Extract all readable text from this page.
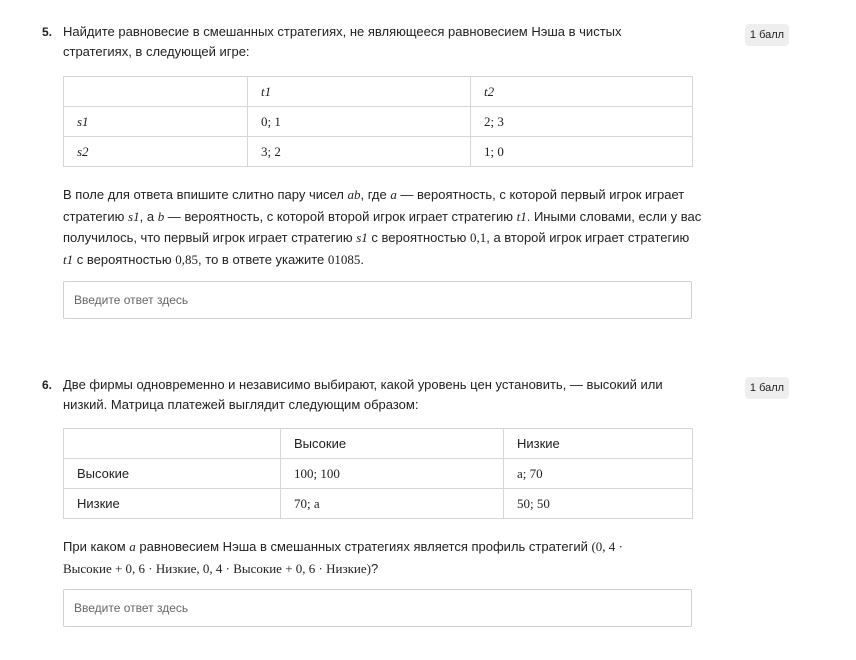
5. Найдите равновесие в смешанных стратегиях, не являющееся равновесием Нэша в чистых стратегиях, в следующей игре:
1 балл
	t1	t2
s1	0; 1	2; 3
s2	3; 2	1; 0
В поле для ответа впишите слитно пару чисел ab, где a — вероятность, с которой первый игрок играет стратегию s1, а b — вероятность, с которой второй игрок играет стратегию t1. Иными словами, если у вас получилось, что первый игрок играет стратегию s1 с вероятностью 0,1, а второй игрок играет стратегию t1 с вероятностью 0,85, то в ответе укажите 01085.
Введите ответ здесь
6. Две фирмы одновременно и независимо выбирают, какой уровень цен установить, — высокий или низкий. Матрица платежей выглядит следующим образом:
1 балл
	Высокие	Низкие
Высокие	100; 100	a; 70
Низкие	70; a	50; 50
При каком a равновесием Нэша в смешанных стратегиях является профиль стратегий (0, 4 · Высокие + 0, 6 · Низкие, 0, 4 · Высокие + 0, 6 · Низкие)?
Введите ответ здесь
